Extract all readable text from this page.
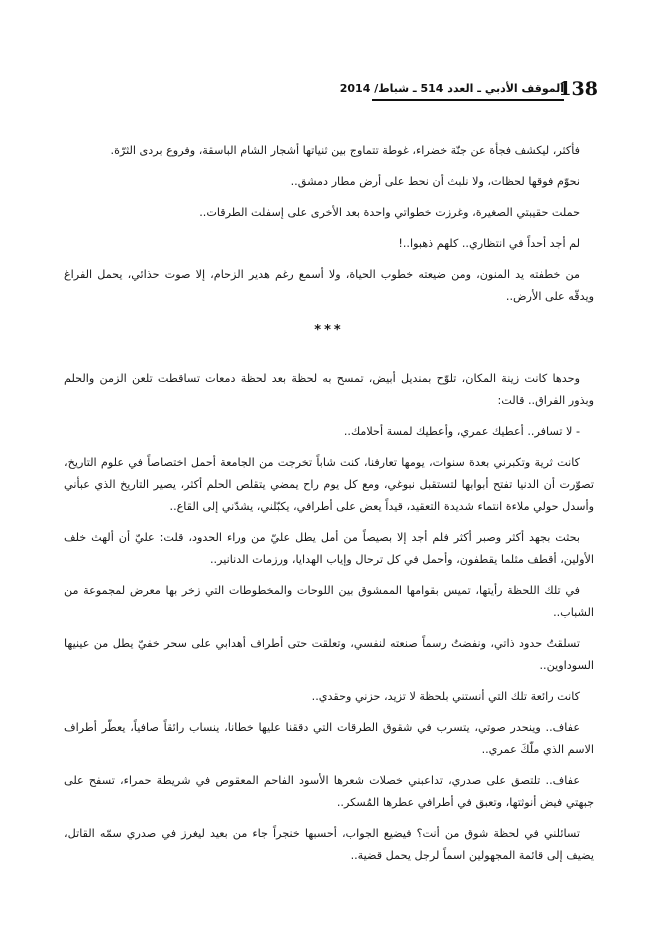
138
الموقف الأدبي ـ العدد 514 ـ شباط/ 2014

فأكثر، ليكشف فجأة عن جنّة خضراء، غوطة تتماوج بين ثنياتها أشجار الشام الباسقة، وفروع بردى الثرّة.

نحوّم فوقها لحظات، ولا نلبث أن نحط على أرض مطار دمشق..

حملت حقيبتي الصغيرة، وغرزت خطواتي واحدة بعد الأخرى على إسفلت الطرقات..

لم أجد أحداً في انتظاري.. كلهم ذهبوا..!

من خطفته يد المنون، ومن ضيعته خطوب الحياة، ولا أسمع رغم هدير الزحام، إلا صوت حذائي، يحمل الفراغ ويدقّه على الأرض..

***

وحدها كانت زينة المكان، تلوّح بمنديل أبيض، تمسح به لحظة بعد لحظة دمعات تساقطت تلعن الزمن والحلم وبذور الفراق.. قالت:

- لا تسافر.. أعطيك عمري، وأعطيك لمسة أحلامك..

كانت ثرية وتكبرني بعدة سنوات، يومها تعارفنا، كنت شاباً تخرجت من الجامعة أحمل اختصاصاً في علوم التاريخ، تصوّرت أن الدنيا تفتح أبوابها لتستقبل نبوغي، ومع كل يوم راح يمضي يتقلص الحلم أكثر، يصير التاريخ الذي عبأني وأسدل حولي ملاءة انتماء شديدة التعقيد، قيداً يعض على أطرافي، يكبّلني، يشدّني إلى القاع..

بحثت بجهد أكثر وصبر أكثر فلم أجد إلا بصيصاً من أمل يطل عليّ من وراء الحدود، قلت: عليّ أن ألهث خلف الأولين، أقطف مثلما يقطفون، وأحمل في كل ترحال وإياب الهدايا، ورزمات الدنانير..

في تلك اللحظة رأيتها، تميس بقوامها الممشوق بين اللوحات والمخطوطات التي زخر بها معرض لمجموعة من الشباب..

تسلقتُ حدود ذاتي، ونفضتُ رسماً صنعته لنفسي، وتعلقت حتى أطراف أهدابي على سحر خفيّ يطل من عينيها السوداوين..

كانت رائعة تلك التي أنستني بلحظة لا تزيد، حزني وحقدي..

عفاف.. وينحدر صوتي، يتسرب في شقوق الطرقات التي دققنا عليها خطانا، ينساب رائقاً صافياً، يعطّر أطراف الاسم الذي ملّكَ عمري..

عفاف.. تلتصق على صدري، تداعبني خصلات شعرها الأسود الفاحم المعقوص في شريطة حمراء، تسفح على جبهتي فيض أنوثتها، وتعبق في أطرافي عطرها المُسكر..

تسائلني في لحظة شوق من أنت؟ فيضيع الجواب، أحسبها خنجراً جاء من بعيد ليغرز في صدري سمّه القاتل، يضيف إلى قائمة المجهولين اسماً لرجل يحمل قضية..
